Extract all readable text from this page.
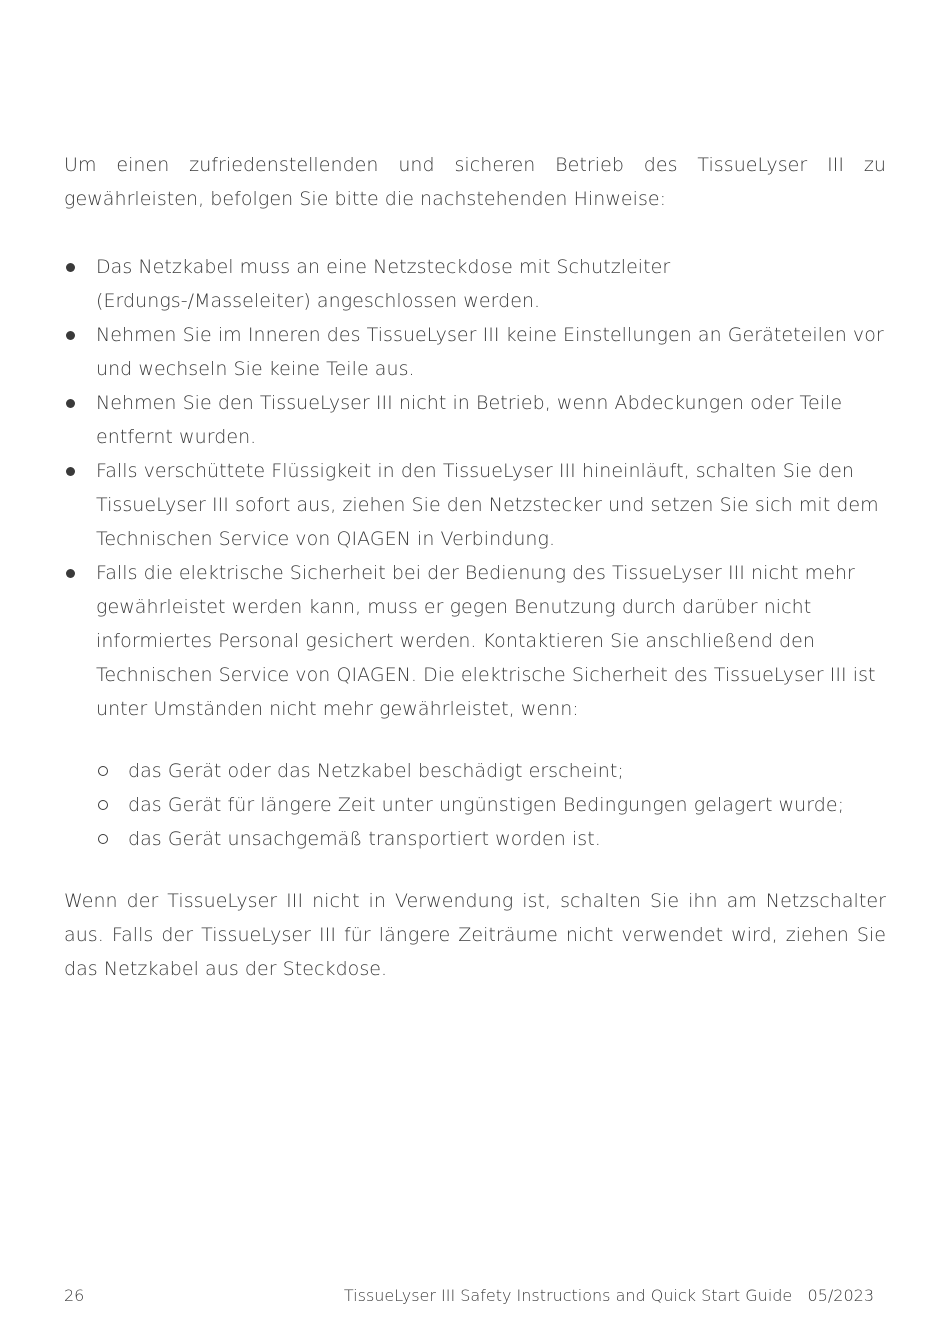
Um einen zufriedenstellenden und sicheren Betrieb des TissueLyser III zu gewährleisten, befolgen Sie bitte die nachstehenden Hinweise:

Das Netzkabel muss an eine Netzsteckdose mit Schutzleiter (Erdungs-/Masseleiter) angeschlossen werden.
Nehmen Sie im Inneren des TissueLyser III keine Einstellungen an Geräteteilen vor und wechseln Sie keine Teile aus.
Nehmen Sie den TissueLyser III nicht in Betrieb, wenn Abdeckungen oder Teile entfernt wurden.
Falls verschüttete Flüssigkeit in den TissueLyser III hineinläuft, schalten Sie den TissueLyser III sofort aus, ziehen Sie den Netzstecker und setzen Sie sich mit dem Technischen Service von QIAGEN in Verbindung.
Falls die elektrische Sicherheit bei der Bedienung des TissueLyser III nicht mehr gewährleistet werden kann, muss er gegen Benutzung durch darüber nicht informiertes Personal gesichert werden. Kontaktieren Sie anschließend den Technischen Service von QIAGEN. Die elektrische Sicherheit des TissueLyser III ist unter Umständen nicht mehr gewährleistet, wenn:
das Gerät oder das Netzkabel beschädigt erscheint;
das Gerät für längere Zeit unter ungünstigen Bedingungen gelagert wurde;
das Gerät unsachgemäß transportiert worden ist.

Wenn der TissueLyser III nicht in Verwendung ist, schalten Sie ihn am Netzschalter aus. Falls der TissueLyser III für längere Zeiträume nicht verwendet wird, ziehen Sie das Netzkabel aus der Steckdose.

26	TissueLyser III Safety Instructions and Quick Start Guide   05/2023
